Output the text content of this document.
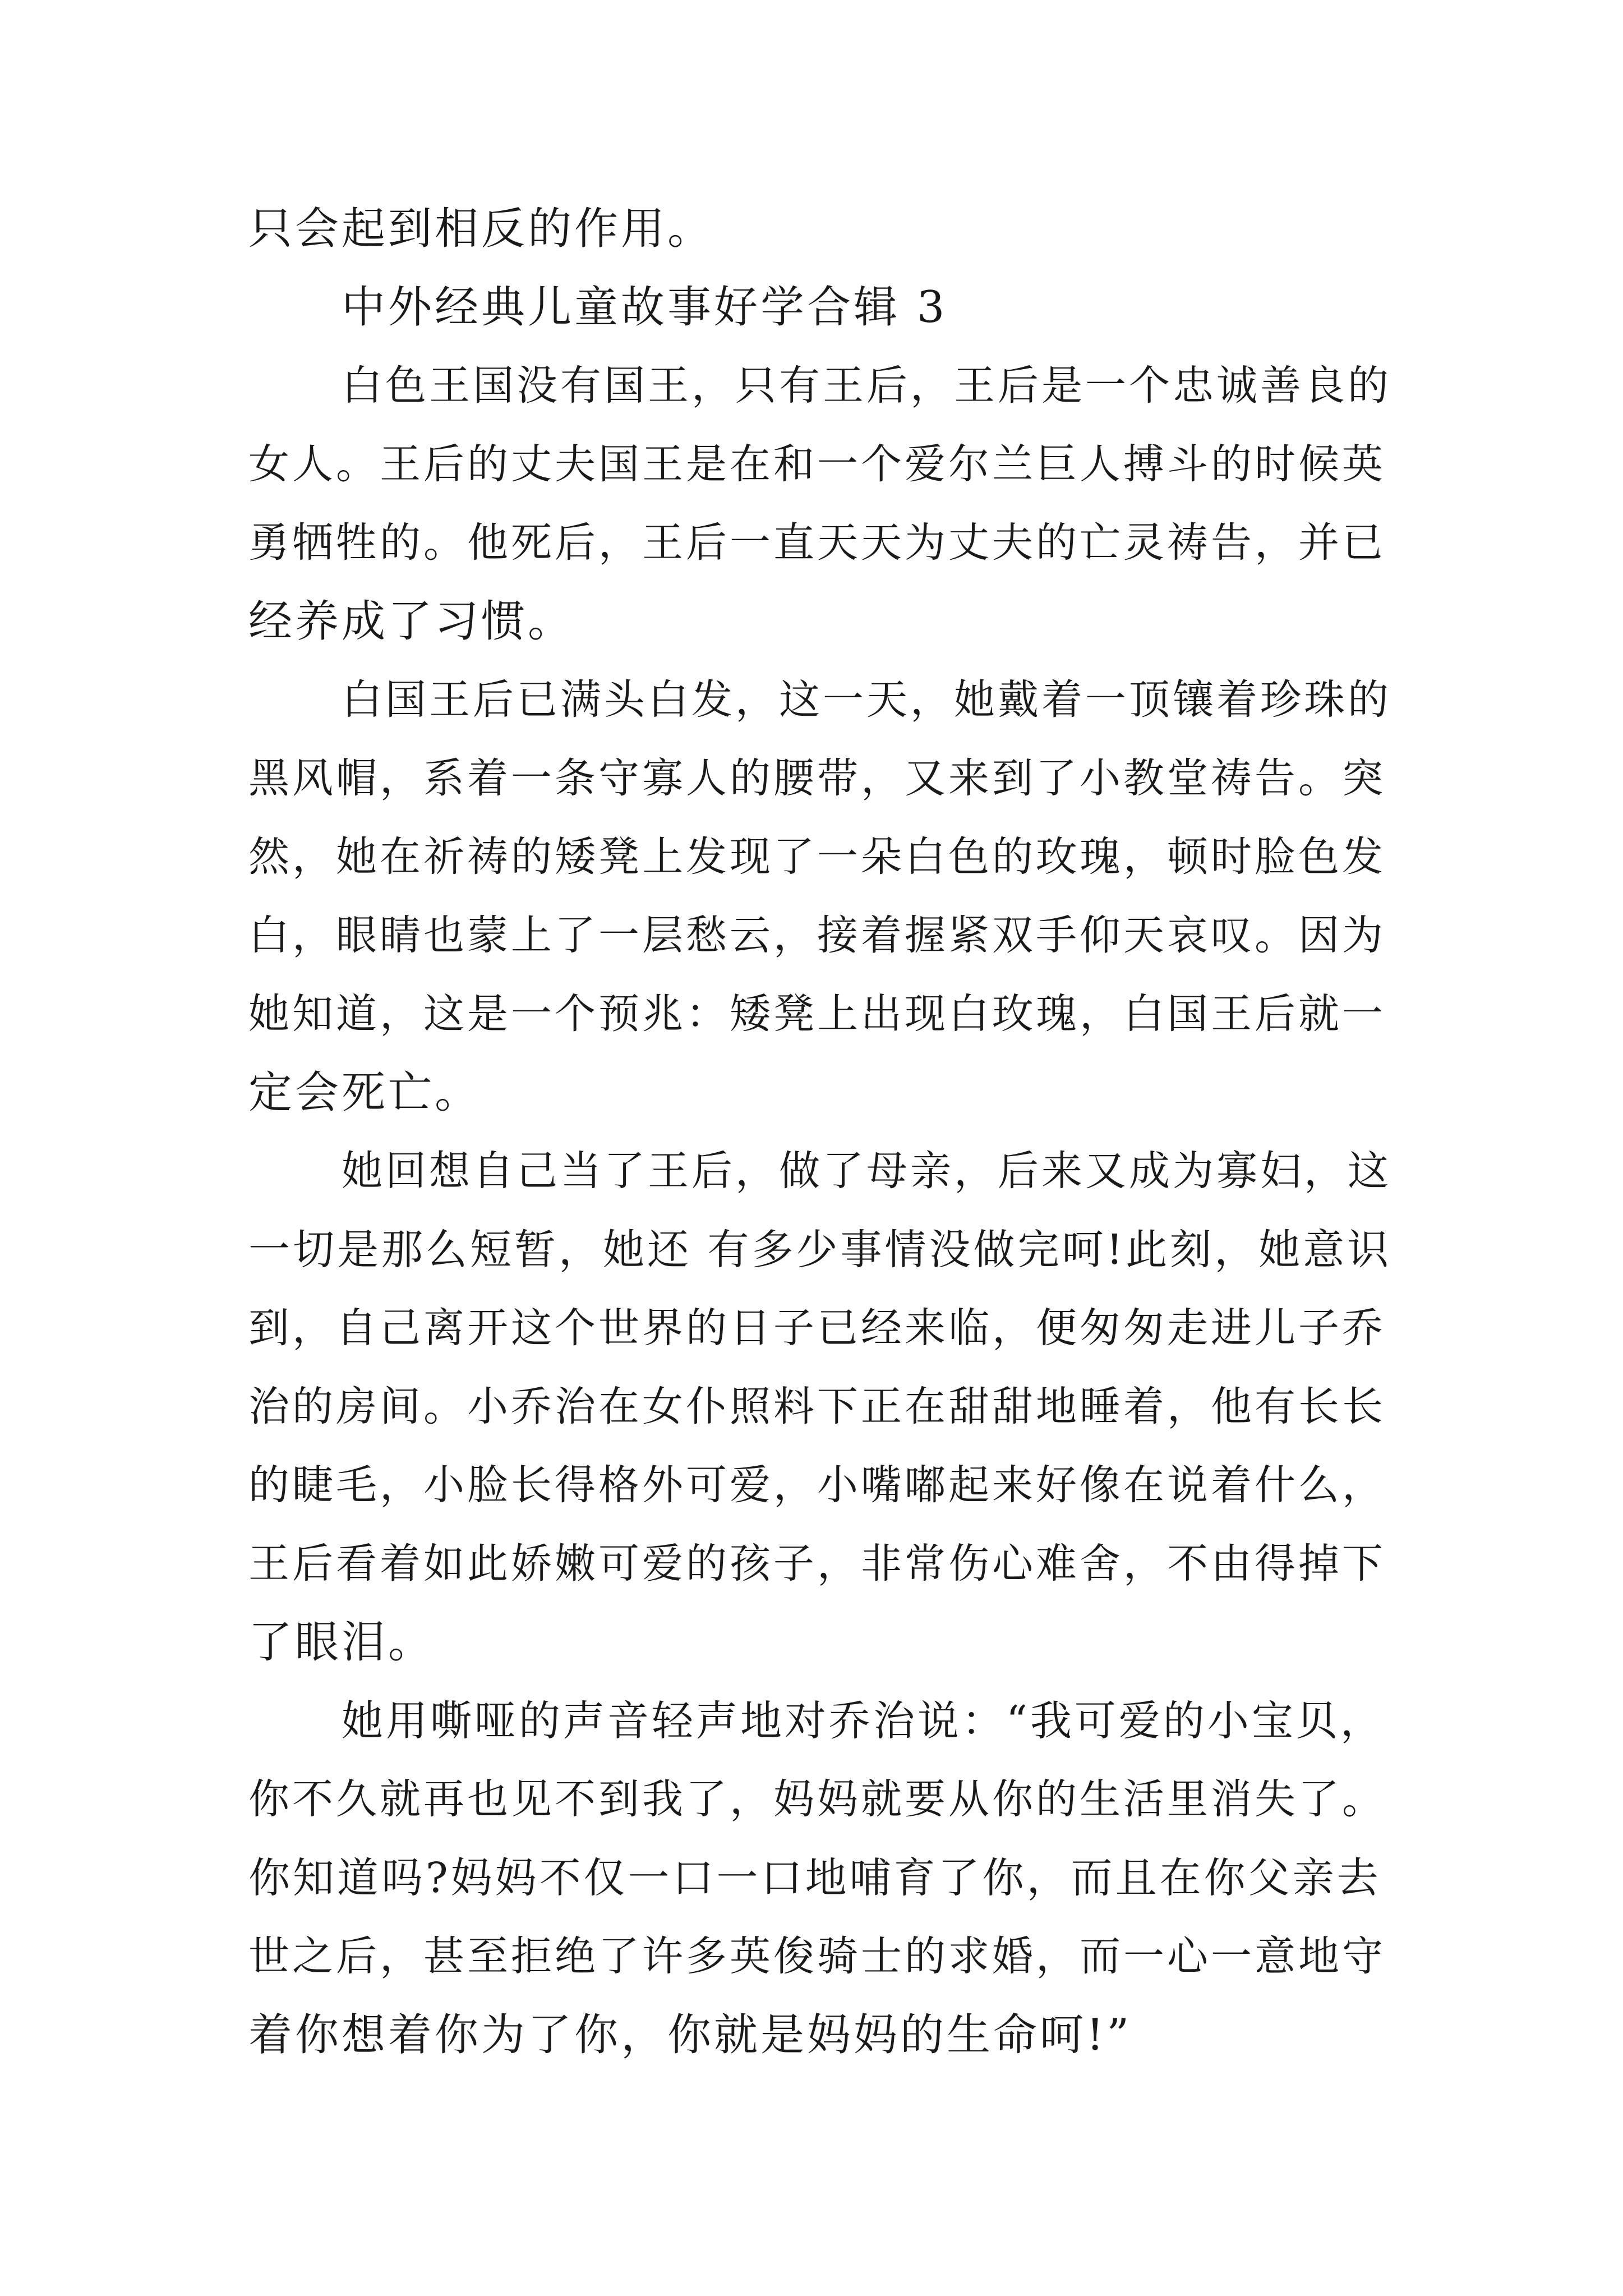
只会起到相反的作用。
中外经典儿童故事好学合辑 3
白色王国没有国王，只有王后，王后是一个忠诚善良的
女人。王后的丈夫国王是在和一个爱尔兰巨人搏斗的时候英
勇牺牲的。他死后，王后一直天天为丈夫的亡灵祷告，并已
经养成了习惯。
白国王后已满头白发，这一天，她戴着一顶镶着珍珠的
黑风帽，系着一条守寡人的腰带，又来到了小教堂祷告。突
然，她在祈祷的矮凳上发现了一朵白色的玫瑰，顿时脸色发
白，眼睛也蒙上了一层愁云，接着握紧双手仰天哀叹。因为
她知道，这是一个预兆：矮凳上出现白玫瑰，白国王后就一
定会死亡。
她回想自己当了王后，做了母亲，后来又成为寡妇，这
一切是那么短暂，她还 有多少事情没做完呵!此刻，她意识
到，自己离开这个世界的日子已经来临，便匆匆走进儿子乔
治的房间。小乔治在女仆照料下正在甜甜地睡着，他有长长
的睫毛，小脸长得格外可爱，小嘴嘟起来好像在说着什么，
王后看着如此娇嫩可爱的孩子，非常伤心难舍，不由得掉下
了眼泪。
她用嘶哑的声音轻声地对乔治说：“我可爱的小宝贝，
你不久就再也见不到我了，妈妈就要从你的生活里消失了。
你知道吗?妈妈不仅一口一口地哺育了你，而且在你父亲去
世之后，甚至拒绝了许多英俊骑士的求婚，而一心一意地守
着你想着你为了你，你就是妈妈的生命呵!”
